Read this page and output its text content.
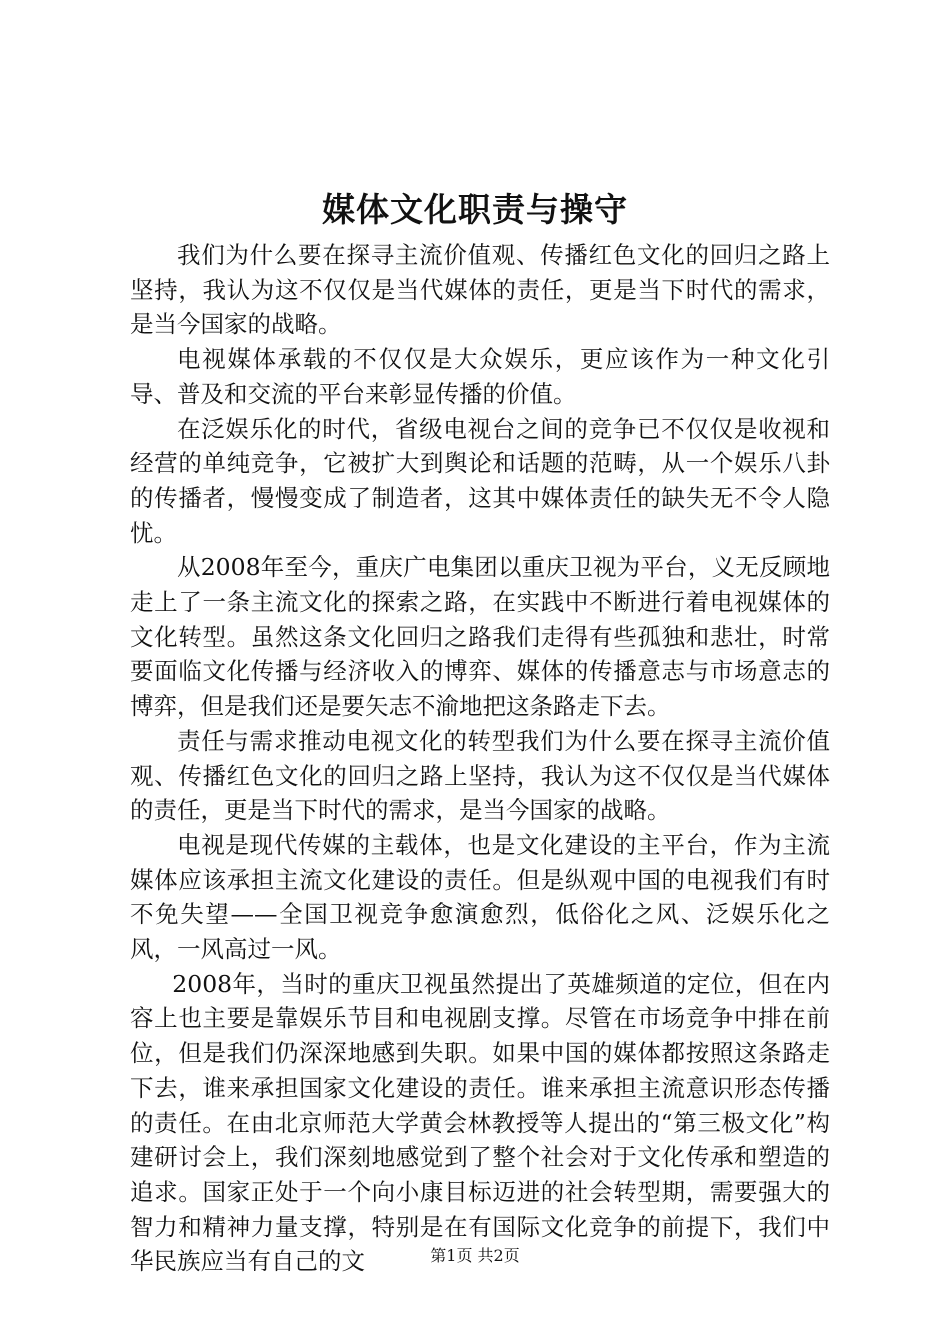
媒体文化职责与操守

我们为什么要在探寻主流价值观、传播红色文化的回归之路上坚持，我认为这不仅仅是当代媒体的责任，更是当下时代的需求，是当今国家的战略。

电视媒体承载的不仅仅是大众娱乐，更应该作为一种文化引导、普及和交流的平台来彰显传播的价值。

在泛娱乐化的时代，省级电视台之间的竞争已不仅仅是收视和经营的单纯竞争，它被扩大到舆论和话题的范畴，从一个娱乐八卦的传播者，慢慢变成了制造者，这其中媒体责任的缺失无不令人隐忧。

从2008年至今，重庆广电集团以重庆卫视为平台，义无反顾地走上了一条主流文化的探索之路，在实践中不断进行着电视媒体的文化转型。虽然这条文化回归之路我们走得有些孤独和悲壮，时常要面临文化传播与经济收入的博弈、媒体的传播意志与市场意志的博弈，但是我们还是要矢志不渝地把这条路走下去。

责任与需求推动电视文化的转型我们为什么要在探寻主流价值观、传播红色文化的回归之路上坚持，我认为这不仅仅是当代媒体的责任，更是当下时代的需求，是当今国家的战略。

电视是现代传媒的主载体，也是文化建设的主平台，作为主流媒体应该承担主流文化建设的责任。但是纵观中国的电视我们有时不免失望——全国卫视竞争愈演愈烈，低俗化之风、泛娱乐化之风，一风高过一风。

2008年，当时的重庆卫视虽然提出了英雄频道的定位，但在内容上也主要是靠娱乐节目和电视剧支撑。尽管在市场竞争中排在前位，但是我们仍深深地感到失职。如果中国的媒体都按照这条路走下去，谁来承担国家文化建设的责任。谁来承担主流意识形态传播的责任。在由北京师范大学黄会林教授等人提出的“第三极文化”构建研讨会上，我们深刻地感觉到了整个社会对于文化传承和塑造的追求。国家正处于一个向小康目标迈进的社会转型期，需要强大的智力和精神力量支撑，特别是在有国际文化竞争的前提下，我们中华民族应当有自己的文	第1页 共2页
